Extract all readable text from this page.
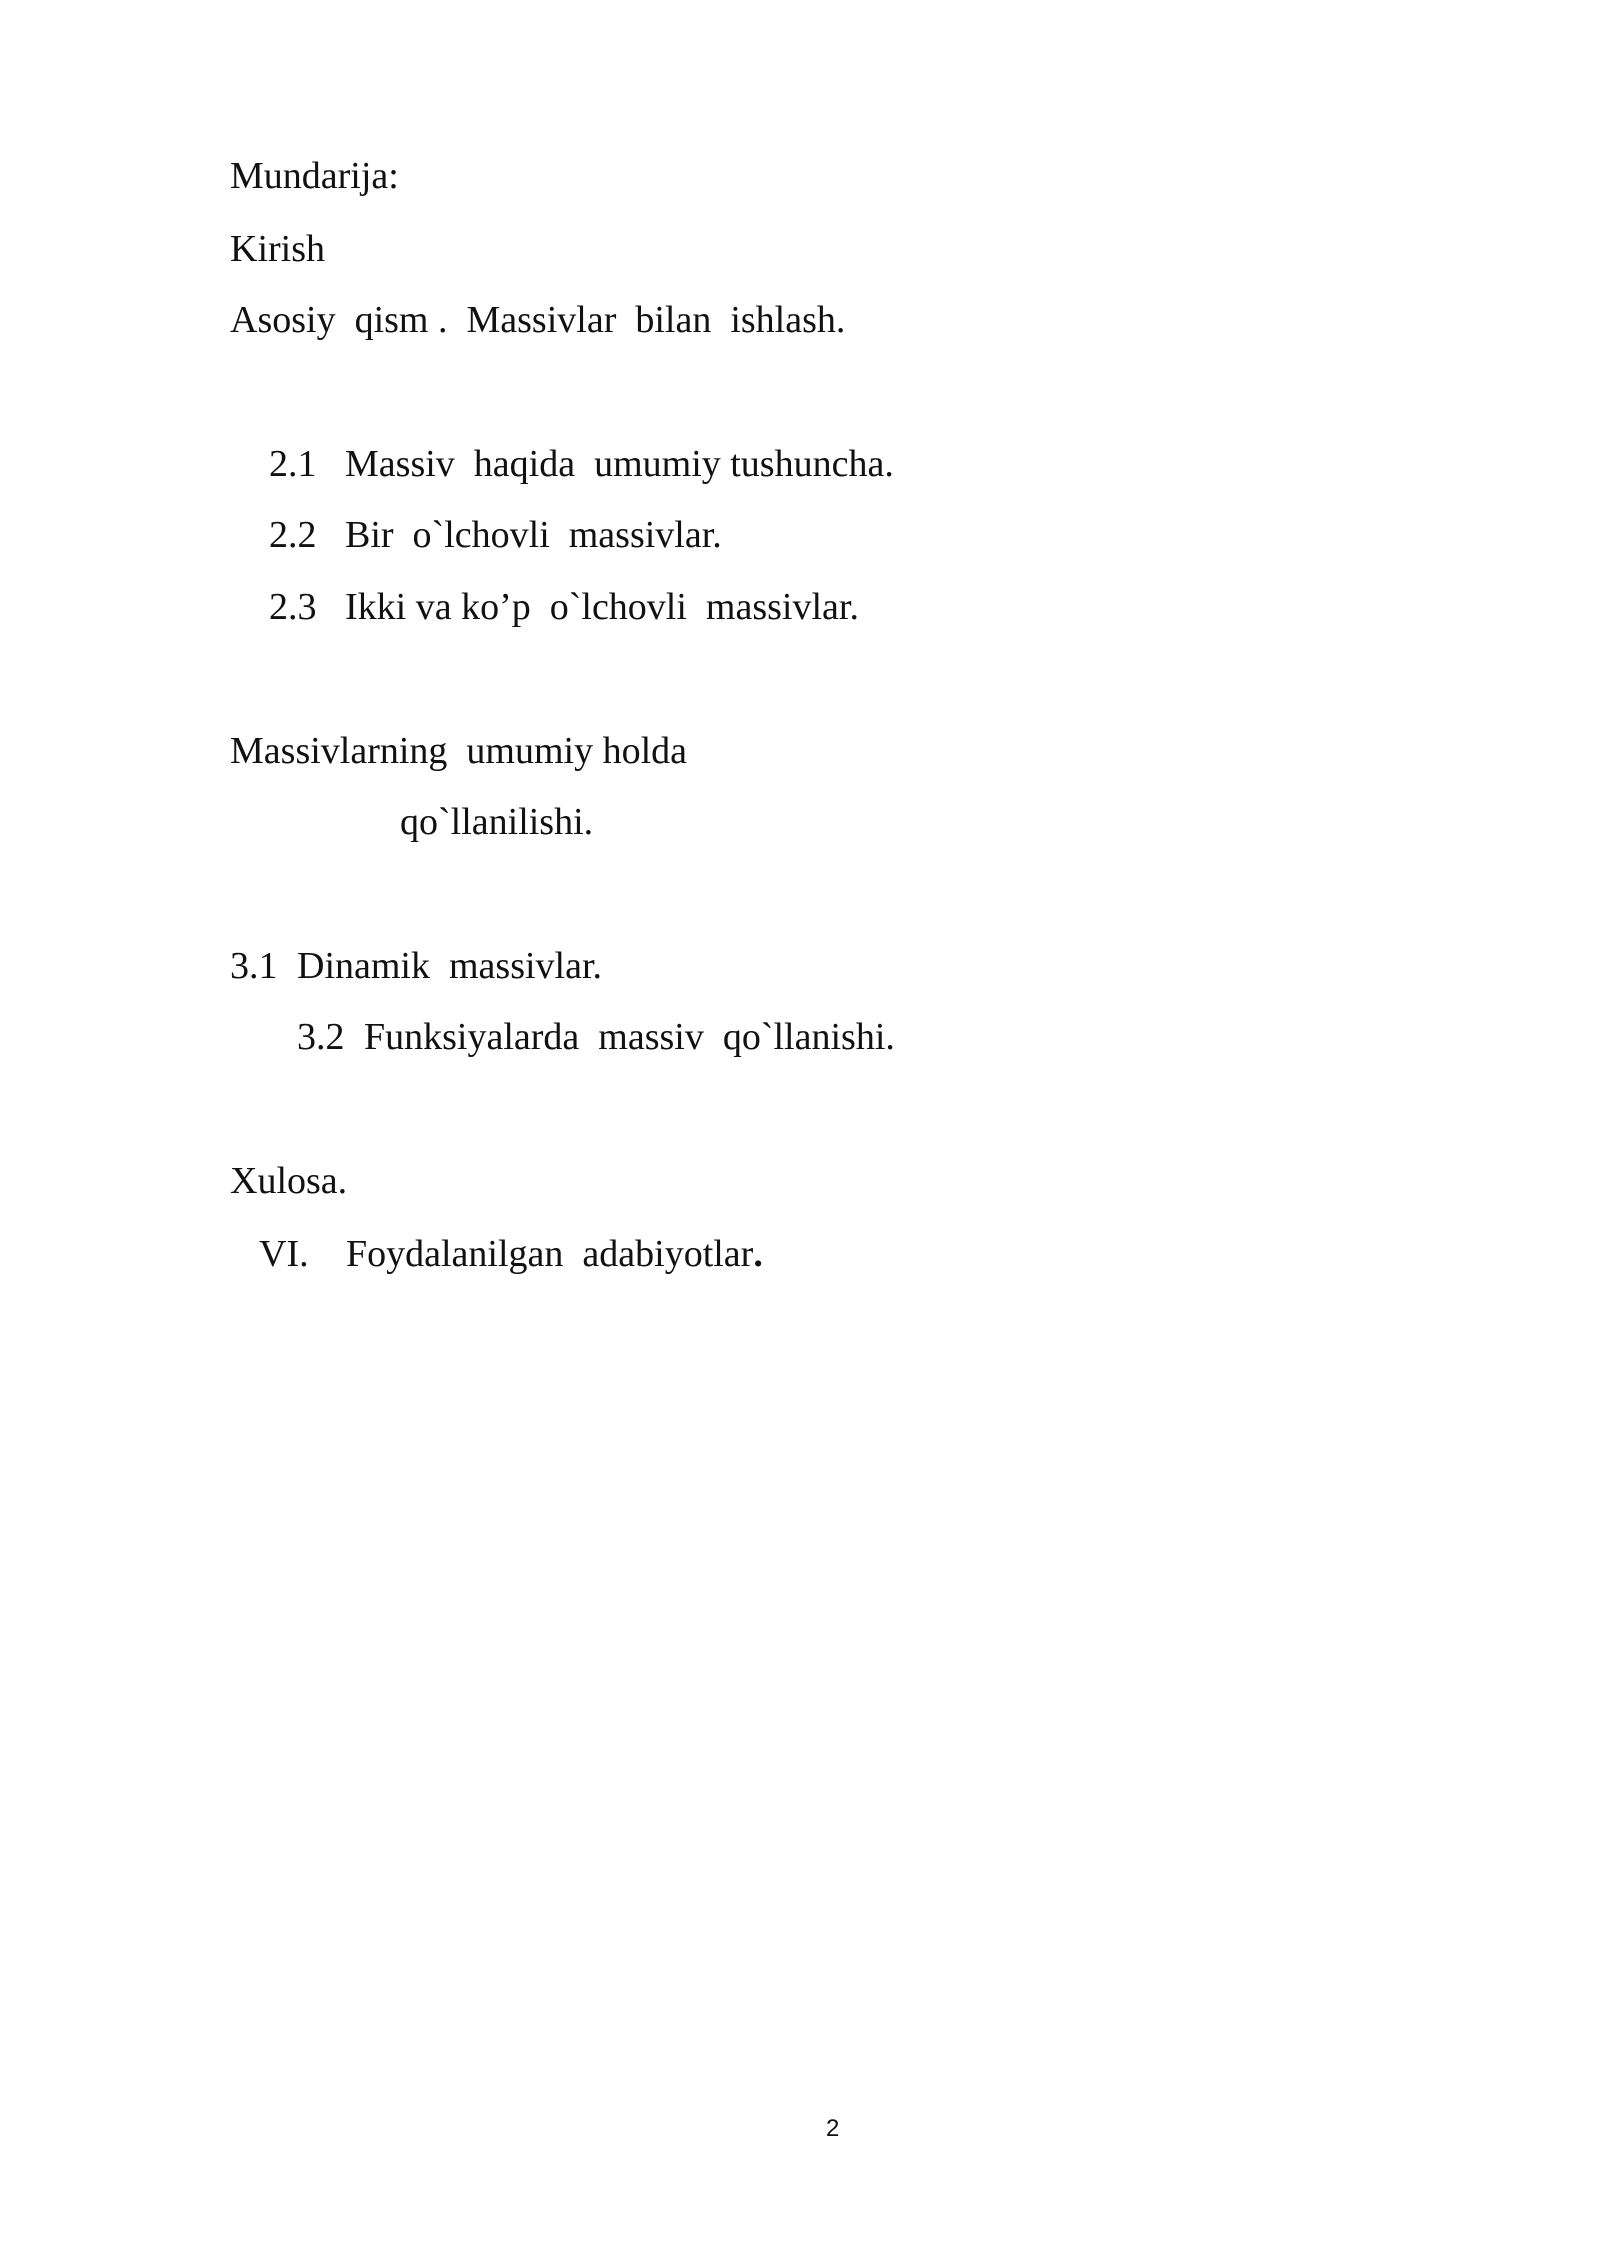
Mundarija:
Kirish
Asosiy  qism .  Massivlar  bilan  ishlash.
2.1 Massiv  haqida  umumiy tushuncha.
2.2 Bir  o`lchovli  massivlar.
2.3 Ikki va ko’p  o`lchovli  massivlar.
Massivlarning  umumiy holda
qo`llanilishi.
3.1 Dinamik  massivlar.
3.2 Funksiyalarda  massiv  qo`llanishi.
Xulosa.
VI. Foydalanilgan  adabiyotlar.
2
